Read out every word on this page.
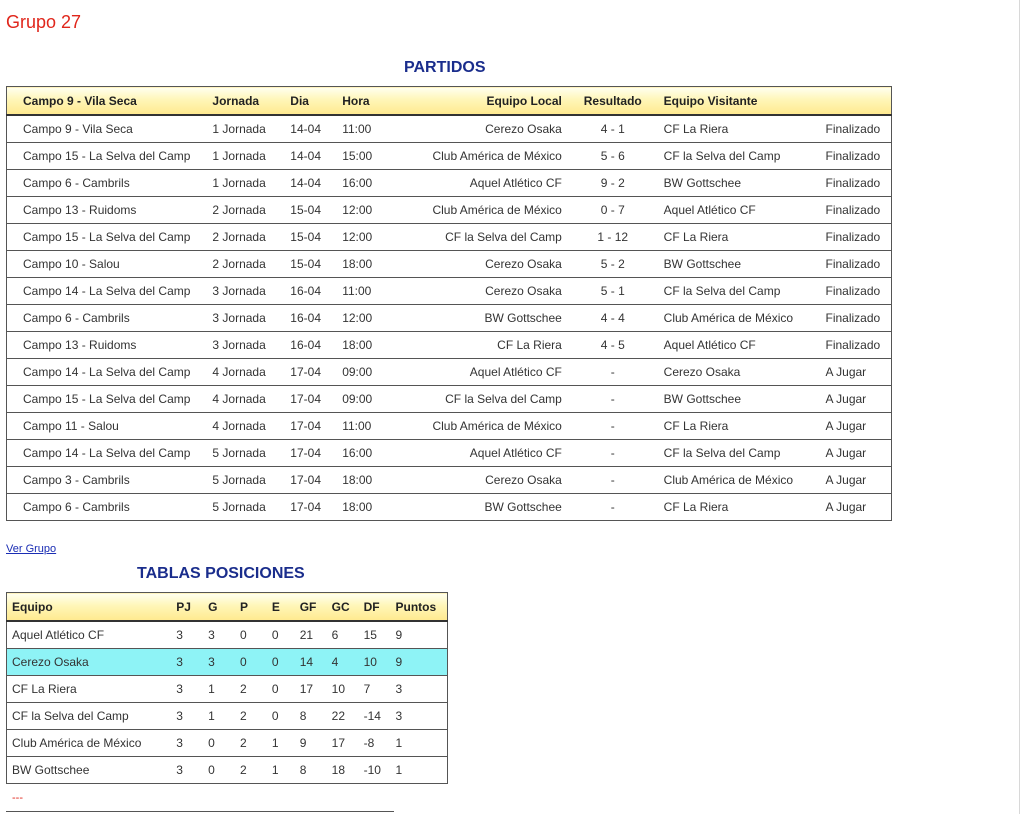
Grupo 27
PARTIDOS
Campo 9 - Vila Seca	Jornada	Dia	Hora	Equipo Local	Resultado	Equipo Visitante	
Campo 9 - Vila Seca	1 Jornada	14-04	11:00	Cerezo Osaka	4 - 1	CF La Riera	Finalizado
Campo 15 - La Selva del Camp	1 Jornada	14-04	15:00	Club América de México	5 - 6	CF la Selva del Camp	Finalizado
Campo 6 - Cambrils	1 Jornada	14-04	16:00	Aquel Atlético CF	9 - 2	BW Gottschee	Finalizado
Campo 13 - Ruidoms	2 Jornada	15-04	12:00	Club América de México	0 - 7	Aquel Atlético CF	Finalizado
Campo 15 - La Selva del Camp	2 Jornada	15-04	12:00	CF la Selva del Camp	1 - 12	CF La Riera	Finalizado
Campo 10 - Salou	2 Jornada	15-04	18:00	Cerezo Osaka	5 - 2	BW Gottschee	Finalizado
Campo 14 - La Selva del Camp	3 Jornada	16-04	11:00	Cerezo Osaka	5 - 1	CF la Selva del Camp	Finalizado
Campo 6 - Cambrils	3 Jornada	16-04	12:00	BW Gottschee	4 - 4	Club América de México	Finalizado
Campo 13 - Ruidoms	3 Jornada	16-04	18:00	CF La Riera	4 - 5	Aquel Atlético CF	Finalizado
Campo 14 - La Selva del Camp	4 Jornada	17-04	09:00	Aquel Atlético CF	-	Cerezo Osaka	A Jugar
Campo 15 - La Selva del Camp	4 Jornada	17-04	09:00	CF la Selva del Camp	-	BW Gottschee	A Jugar
Campo 11 - Salou	4 Jornada	17-04	11:00	Club América de México	-	CF La Riera	A Jugar
Campo 14 - La Selva del Camp	5 Jornada	17-04	16:00	Aquel Atlético CF	-	CF la Selva del Camp	A Jugar
Campo 3 - Cambrils	5 Jornada	17-04	18:00	Cerezo Osaka	-	Club América de México	A Jugar
Campo 6 - Cambrils	5 Jornada	17-04	18:00	BW Gottschee	-	CF La Riera	A Jugar
Ver Grupo
TABLAS POSICIONES
Equipo	PJ	G	P	E	GF	GC	DF	Puntos
Aquel Atlético CF	3	3	0	0	21	6	15	9
Cerezo Osaka	3	3	0	0	14	4	10	9
CF La Riera	3	1	2	0	17	10	7	3
CF la Selva del Camp	3	1	2	0	8	22	-14	3
Club América de México	3	0	2	1	9	17	-8	1
BW Gottschee	3	0	2	1	8	18	-10	1
---
